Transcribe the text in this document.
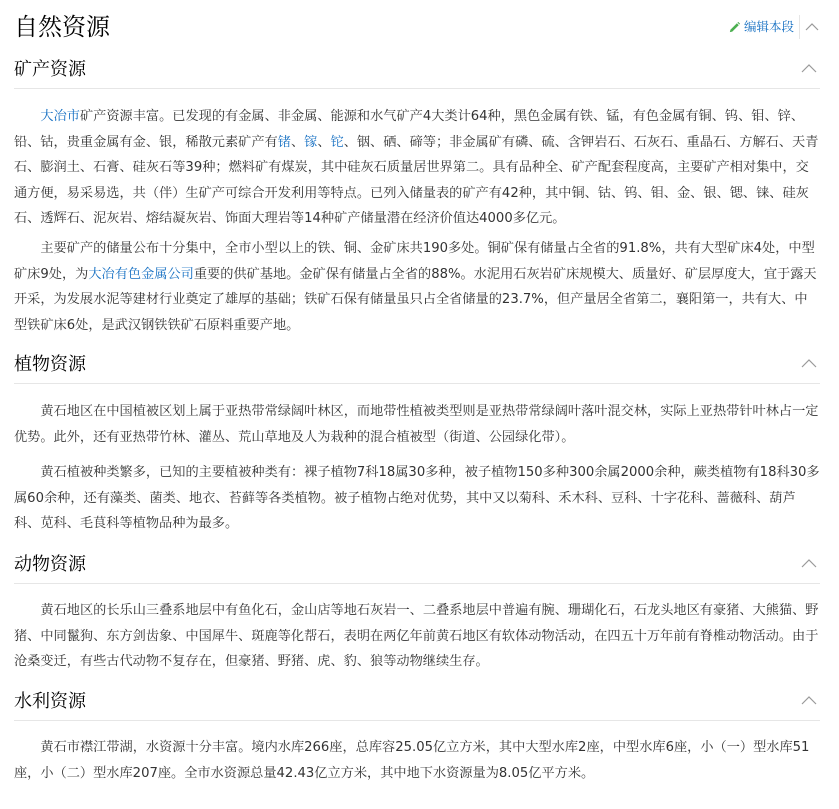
自然资源	编辑本段
矿产资源

大冶市矿产资源丰富。已发现的有金属、非金属、能源和水气矿产4大类计64种，黑色金属有铁、锰，有色金属有铜、钨、钼、锌、铅、钴，贵重金属有金、银，稀散元素矿产有锗、镓、铊、铟、硒、碲等；非金属矿有磷、硫、含钾岩石、石灰石、重晶石、方解石、天青石、膨润土、石膏、硅灰石等39种；燃料矿有煤炭，其中硅灰石质量居世界第二。具有品种全、矿产配套程度高，主要矿产相对集中，交通方便，易采易选，共（伴）生矿产可综合开发利用等特点。已列入储量表的矿产有42种，其中铜、钴、钨、钼、金、银、锶、铼、硅灰石、透辉石、泥灰岩、熔结凝灰岩、饰面大理岩等14种矿产储量潜在经济价值达4000多亿元。

主要矿产的储量公布十分集中，全市小型以上的铁、铜、金矿床共190多处。铜矿保有储量占全省的91.8%，共有大型矿床4处，中型矿床9处，为大冶有色金属公司重要的供矿基地。金矿保有储量占全省的88%。水泥用石灰岩矿床规模大、质量好、矿层厚度大，宜于露天开采，为发展水泥等建材行业奠定了雄厚的基础；铁矿石保有储量虽只占全省储量的23.7%，但产量居全省第二，襄阳第一，共有大、中型铁矿床6处，是武汉钢铁铁矿石原料重要产地。

植物资源

黄石地区在中国植被区划上属于亚热带常绿阔叶林区，而地带性植被类型则是亚热带常绿阔叶落叶混交林，实际上亚热带针叶林占一定优势。此外，还有亚热带竹林、灌丛、荒山草地及人为栽种的混合植被型（街道、公园绿化带）。

黄石植被种类繁多，已知的主要植被种类有：裸子植物7科18属30多种，被子植物150多种300余属2000余种，蕨类植物有18科30多属60余种，还有藻类、菌类、地衣、苔藓等各类植物。被子植物占绝对优势，其中又以菊科、禾木科、豆科、十字花科、蔷薇科、葫芦科、苋科、毛茛科等植物品种为最多。

动物资源

黄石地区的长乐山三叠系地层中有鱼化石，金山店等地石灰岩一、二叠系地层中普遍有腕、珊瑚化石，石龙头地区有豪猪、大熊猫、野猪、中同鬣狗、东方剑齿象、中国犀牛、斑鹿等化帮石，表明在两亿年前黄石地区有软体动物活动，在四五十万年前有脊椎动物活动。由于沧桑变迁，有些古代动物不复存在，但豪猪、野猪、虎、豹、狼等动物继续生存。

水利资源

黄石市襟江带湖，水资源十分丰富。境内水库266座，总库容25.05亿立方米，其中大型水库2座，中型水库6座，小（一）型水库51座，小（二）型水库207座。全市水资源总量42.43亿立方米，其中地下水资源量为8.05亿平方米。
